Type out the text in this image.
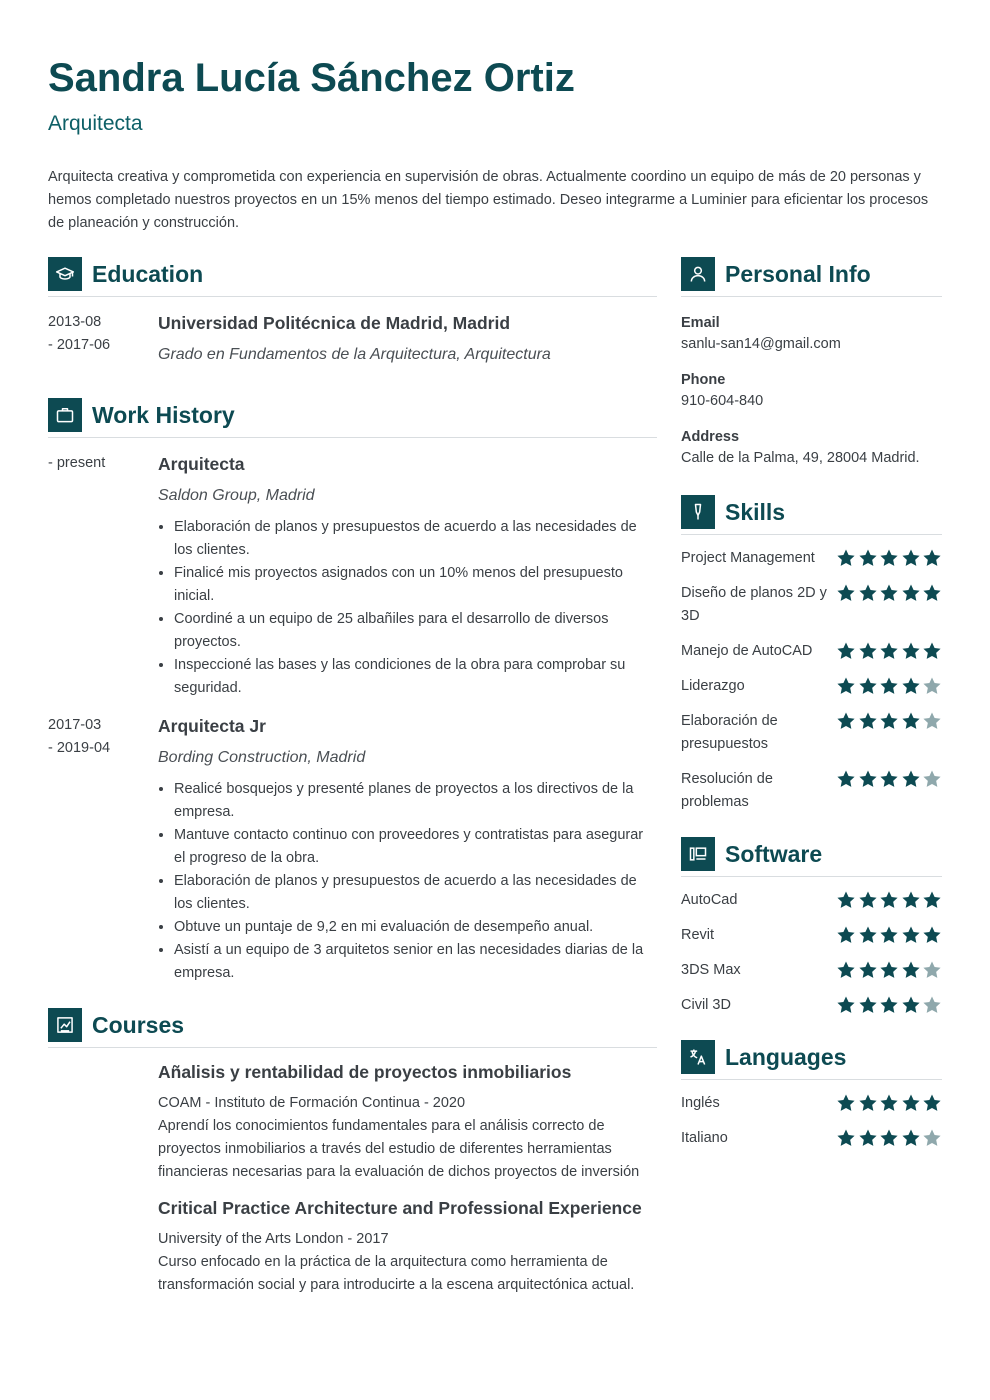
Sandra Lucía Sánchez Ortiz
Arquitecta

Arquitecta creativa y comprometida con experiencia en supervisión de obras. Actualmente coordino un equipo de más de 20 personas y hemos completado nuestros proyectos en un 15% menos del tiempo estimado. Deseo integrarme a Luminier para eficientar los procesos de planeación y construcción.

Education
2013-08
- 2017-06
Universidad Politécnica de Madrid, Madrid
Grado en Fundamentos de la Arquitectura, Arquitectura
Work History
- present	Arquitecta
Saldon Group, Madrid
• Elaboración de planos y presupuestos de acuerdo a las necesidades de los clientes.
• Finalicé mis proyectos asignados con un 10% menos del presupuesto inicial.
• Coordiné a un equipo de 25 albañiles para el desarrollo de diversos proyectos.
• Inspeccioné las bases y las condiciones de la obra para comprobar su seguridad.
2017-03
- 2019-04
Arquitecta Jr
Bording Construction, Madrid
• Realicé bosquejos y presenté planes de proyectos a los directivos de la empresa.
• Mantuve contacto continuo con proveedores y contratistas para asegurar el progreso de la obra.
• Elaboración de planos y presupuestos de acuerdo a las necesidades de los clientes.
• Obtuve un puntaje de 9,2 en mi evaluación de desempeño anual.
• Asistí a un equipo de 3 arquitetos senior en las necesidades diarias de la empresa.
Courses
Añalisis y rentabilidad de proyectos inmobiliarios
COAM - Instituto de Formación Continua - 2020
Aprendí los conocimientos fundamentales para el análisis correcto de proyectos inmobiliarios a través del estudio de diferentes herramientas financieras necesarias para la evaluación de dichos proyectos de inversión
Critical Practice Architecture and Professional Experience
University of the Arts London - 2017
Curso enfocado en la práctica de la arquitectura como herramienta de transformación social y para introducirte a la escena arquitectónica actual.
Personal Info
Email
sanlu-san14@gmail.com
Phone
910-604-840
Address
Calle de la Palma, 49, 28004 Madrid.
Skills
Project Management
Diseño de planos 2D y 3D
Manejo de AutoCAD
Liderazgo
Elaboración de presupuestos
Resolución de problemas
Software
AutoCad
Revit
3DS Max
Civil 3D
Languages
Inglés
Italiano
